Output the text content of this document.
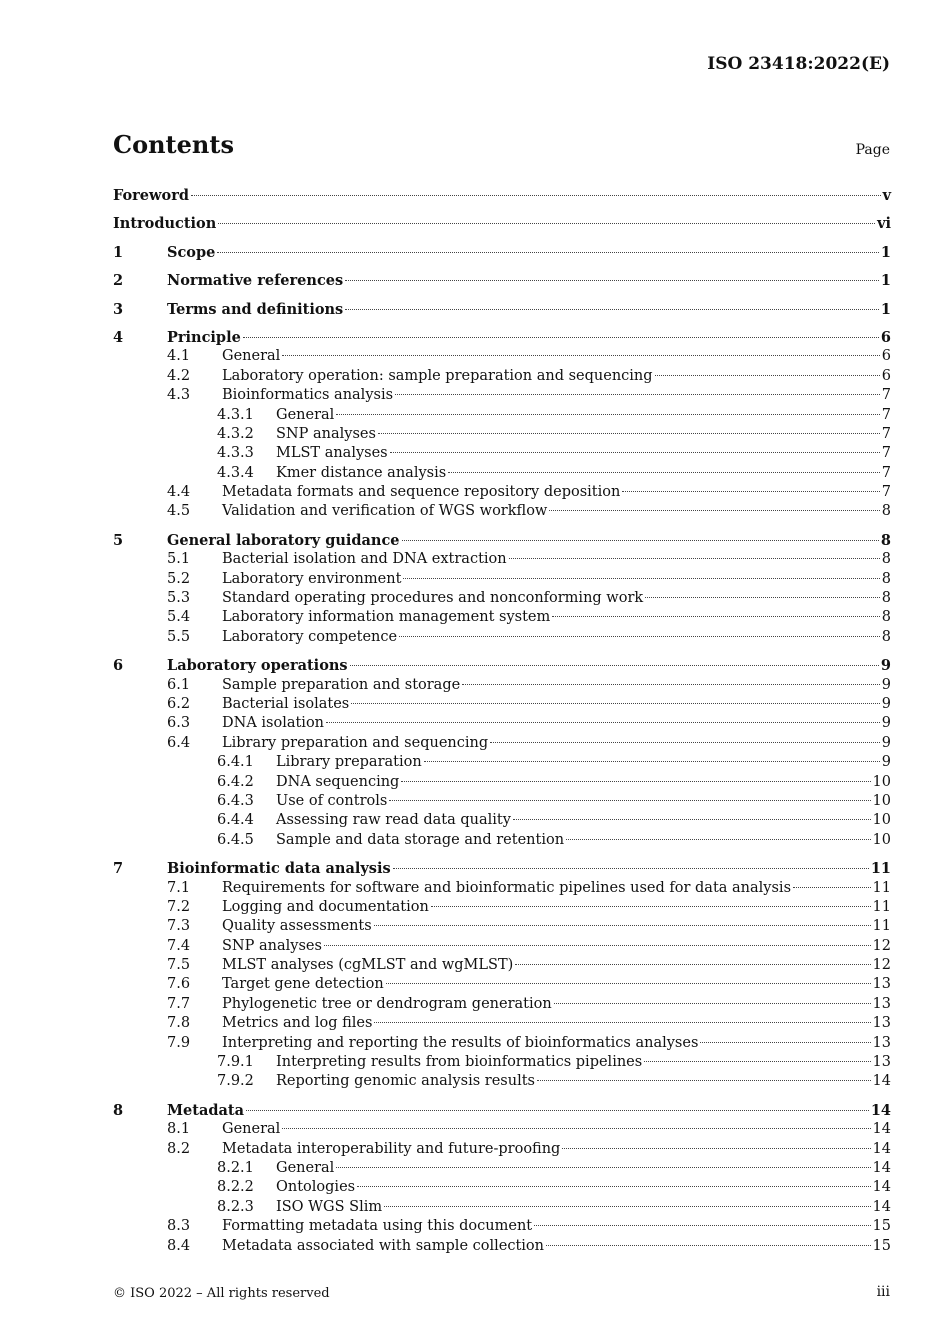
ISO 23418:2022(E)
Contents	Page
Foreword	v
Introduction	vi
1	Scope	1
2	Normative references	1
3	Terms and definitions	1
4	Principle	6
4.1	General	6
4.2	Laboratory operation: sample preparation and sequencing	6
4.3	Bioinformatics analysis	7
4.3.1	General	7
4.3.2	SNP analyses	7
4.3.3	MLST analyses	7
4.3.4	Kmer distance analysis	7
4.4	Metadata formats and sequence repository deposition	7
4.5	Validation and verification of WGS workflow	8
5	General laboratory guidance	8
5.1	Bacterial isolation and DNA extraction	8
5.2	Laboratory environment	8
5.3	Standard operating procedures and nonconforming work	8
5.4	Laboratory information management system	8
5.5	Laboratory competence	8
6	Laboratory operations	9
6.1	Sample preparation and storage	9
6.2	Bacterial isolates	9
6.3	DNA isolation	9
6.4	Library preparation and sequencing	9
6.4.1	Library preparation	9
6.4.2	DNA sequencing	10
6.4.3	Use of controls	10
6.4.4	Assessing raw read data quality	10
6.4.5	Sample and data storage and retention	10
7	Bioinformatic data analysis	11
7.1	Requirements for software and bioinformatic pipelines used for data analysis	11
7.2	Logging and documentation	11
7.3	Quality assessments	11
7.4	SNP analyses	12
7.5	MLST analyses (cgMLST and wgMLST)	12
7.6	Target gene detection	13
7.7	Phylogenetic tree or dendrogram generation	13
7.8	Metrics and log files	13
7.9	Interpreting and reporting the results of bioinformatics analyses	13
7.9.1	Interpreting results from bioinformatics pipelines	13
7.9.2	Reporting genomic analysis results	14
8	Metadata	14
8.1	General	14
8.2	Metadata interoperability and future-proofing	14
8.2.1	General	14
8.2.2	Ontologies	14
8.2.3	ISO WGS Slim	14
8.3	Formatting metadata using this document	15
8.4	Metadata associated with sample collection	15
© ISO 2022 – All rights reserved	iii
